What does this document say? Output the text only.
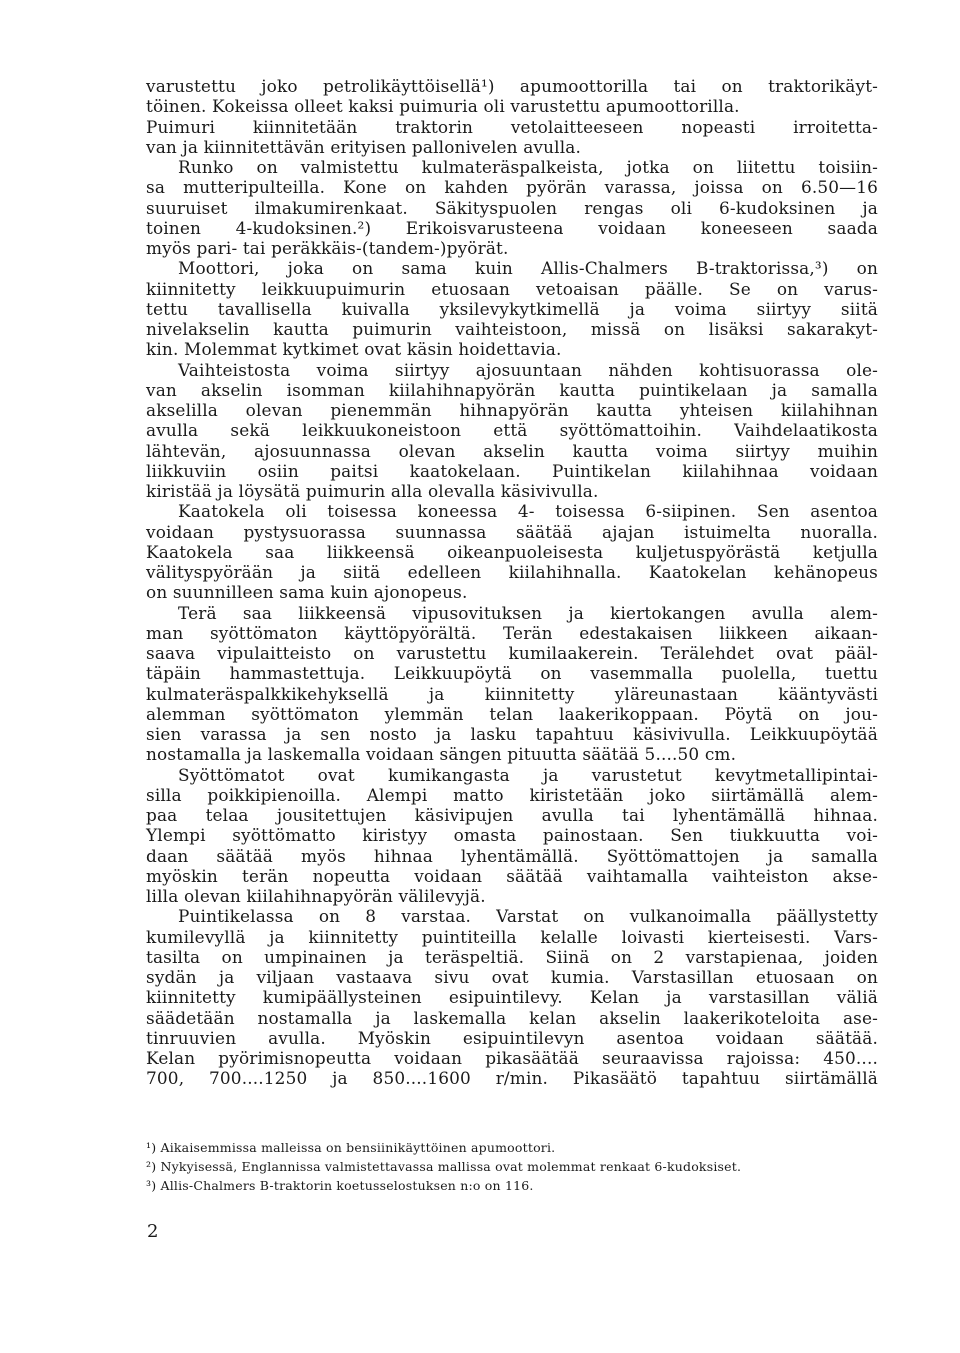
varustettu joko petrolikäyttöisellä¹) apumoottorilla tai on traktorikäyt-
töinen. Kokeissa olleet kaksi puimuria oli varustettu apumoottorilla.
Puimuri kiinnitetään traktorin vetolaitteeseen nopeasti irroitetta-
van ja kiinnitettävän erityisen pallonivelen avulla.
Runko on valmistettu kulmateräspalkeista, jotka on liitettu toisiin-
sa mutteripulteilla. Kone on kahden pyörän varassa, joissa on 6.50—16
suuruiset ilmakumirenkaat. Säkityspuolen rengas oli 6-kudoksinen ja
toinen 4-kudoksinen.²) Erikoisvarusteena voidaan koneeseen saada
myös pari- tai peräkkäis-(tandem-)pyörät.
Moottori, joka on sama kuin Allis-Chalmers B-traktorissa,³) on
kiinnitetty leikkuupuimurin etuosaan vetoaisan päälle. Se on varus-
tettu tavallisella kuivalla yksilevykytkimellä ja voima siirtyy siitä
nivelakselin kautta puimurin vaihteistoon, missä on lisäksi sakarakyt-
kin. Molemmat kytkimet ovat käsin hoidettavia.
Vaihteistosta voima siirtyy ajosuuntaan nähden kohtisuorassa ole-
van akselin isomman kiilahihnapyörän kautta puintikelaan ja samalla
akselilla olevan pienemmän hihnapyörän kautta yhteisen kiilahihnan
avulla sekä leikkuukoneistoon että syöttömattoihin. Vaihdelaatikosta
lähtevän, ajosuunnassa olevan akselin kautta voima siirtyy muihin
liikkuviin osiin paitsi kaatokelaan. Puintikelan kiilahihnaa voidaan
kiristää ja löysätä puimurin alla olevalla käsivivulla.
Kaatokela oli toisessa koneessa 4- toisessa 6-siipinen. Sen asentoa
voidaan pystysuorassa suunnassa säätää ajajan istuimelta nuoralla.
Kaatokela saa liikkeensä oikeanpuoleisesta kuljetuspyörästä ketjulla
välityspyörään ja siitä edelleen kiilahihnalla. Kaatokelan kehänopeus
on suunnilleen sama kuin ajonopeus.
Terä saa liikkeensä vipusovituksen ja kiertokangen avulla alem-
man syöttömaton käyttöpyörältä. Terän edestakaisen liikkeen aikaan-
saava vipulaitteisto on varustettu kumilaakerein. Terälehdet ovat pääl-
täpäin hammastettuja. Leikkuupöytä on vasemmalla puolella, tuettu
kulmateräspalkkikehyksellä ja kiinnitetty yläreunastaan kääntyvästi
alemman syöttömaton ylemmän telan laakerikoppaan. Pöytä on jou-
sien varassa ja sen nosto ja lasku tapahtuu käsivivulla. Leikkuupöytää
nostamalla ja laskemalla voidaan sängen pituutta säätää 5....50 cm.
Syöttömatot ovat kumikangasta ja varustetut kevytmetallipintai-
silla poikkipienoilla. Alempi matto kiristetään joko siirtämällä alem-
paa telaa jousitettujen käsivipujen avulla tai lyhentämällä hihnaa.
Ylempi syöttömatto kiristyy omasta painostaan. Sen tiukkuutta voi-
daan säätää myös hihnaa lyhentämällä. Syöttömattojen ja samalla
myöskin terän nopeutta voidaan säätää vaihtamalla vaihteiston akse-
lilla olevan kiilahihnapyörän välilevyjä.
Puintikelassa on 8 varstaa. Varstat on vulkanoimalla päällystetty
kumilevyllä ja kiinnitetty puintiteilla kelalle loivasti kierteisesti. Vars-
tasilta on umpinainen ja teräspeltiä. Siinä on 2 varstapienaa, joiden
sydän ja viljaan vastaava sivu ovat kumia. Varstasillan etuosaan on
kiinnitetty kumipäällysteinen esipuintilevy. Kelan ja varstasillan väliä
säädetään nostamalla ja laskemalla kelan akselin laakerikoteloita ase-
tinruuvien avulla. Myöskin esipuintilevyn asentoa voidaan säätää.
Kelan pyörimisnopeutta voidaan pikasäätää seuraavissa rajoissa: 450....
700, 700....1250 ja 850....1600 r/min. Pikasäätö tapahtuu siirtämällä
¹) Aikaisemmissa malleissa on bensiinikäyttöinen apumoottori.
²) Nykyisessä, Englannissa valmistettavassa mallissa ovat molemmat renkaat 6-kudoksiset.
³) Allis-Chalmers B-traktorin koetusselostuksen n:o on 116.
2
